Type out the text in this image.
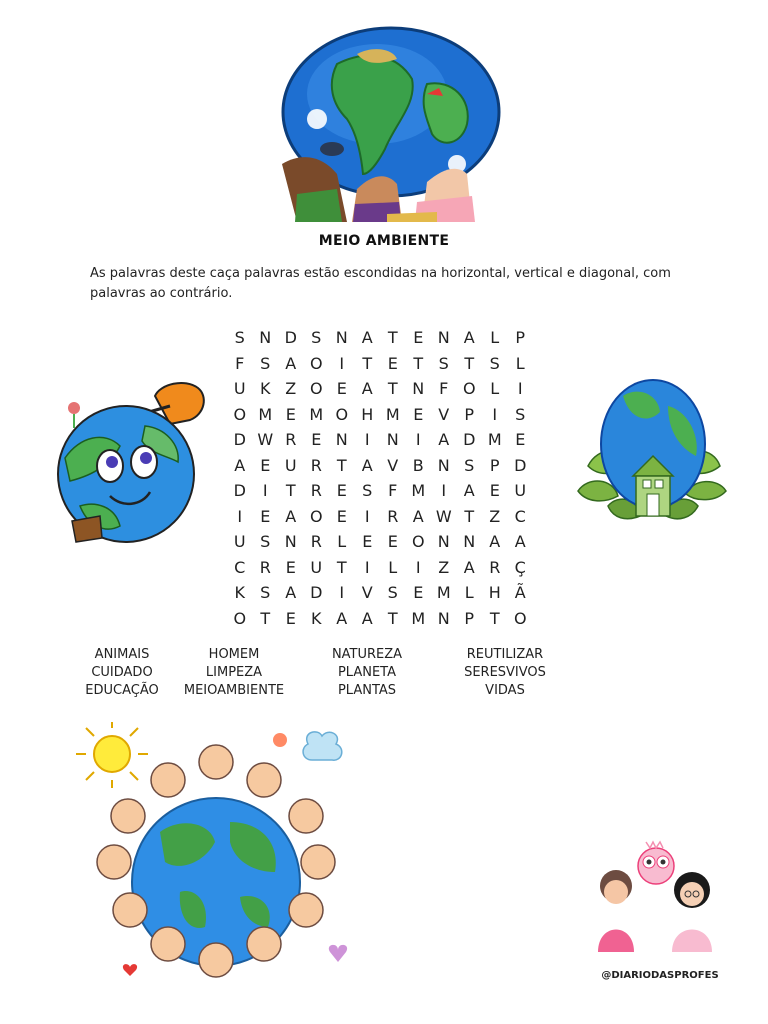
MEIO AMBIENTE
As palavras deste caça palavras estão escondidas na horizontal, vertical e diagonal, com palavras ao contrário.
S N D S N A T E N A L	P
F S A O	I	T E T S T S L
U K Z O E A T N F O L	I
O M E M O H M E V P	I	S
D W R E N	I	N	I	A D M E
A E U R T A V B N S P D
D	I	T R E S F M	I	A E U
I	E A O E	I	R A W T Z C
U S N R L E E O N N A A
C R E U T	I	L	I	Z A R Ç
K S A D	I	V S E M L H Ã
O T E K A A T M N P T O
ANIMAIS	HOMEM	NATUREZA	REUTILIZAR
CUIDADO	LIMPEZA	PLANETA	SERESVIVOS
EDUCAÇÃO	MEIOAMBIENTE	PLANTAS	VIDAS
@DIARIODASPROFES
